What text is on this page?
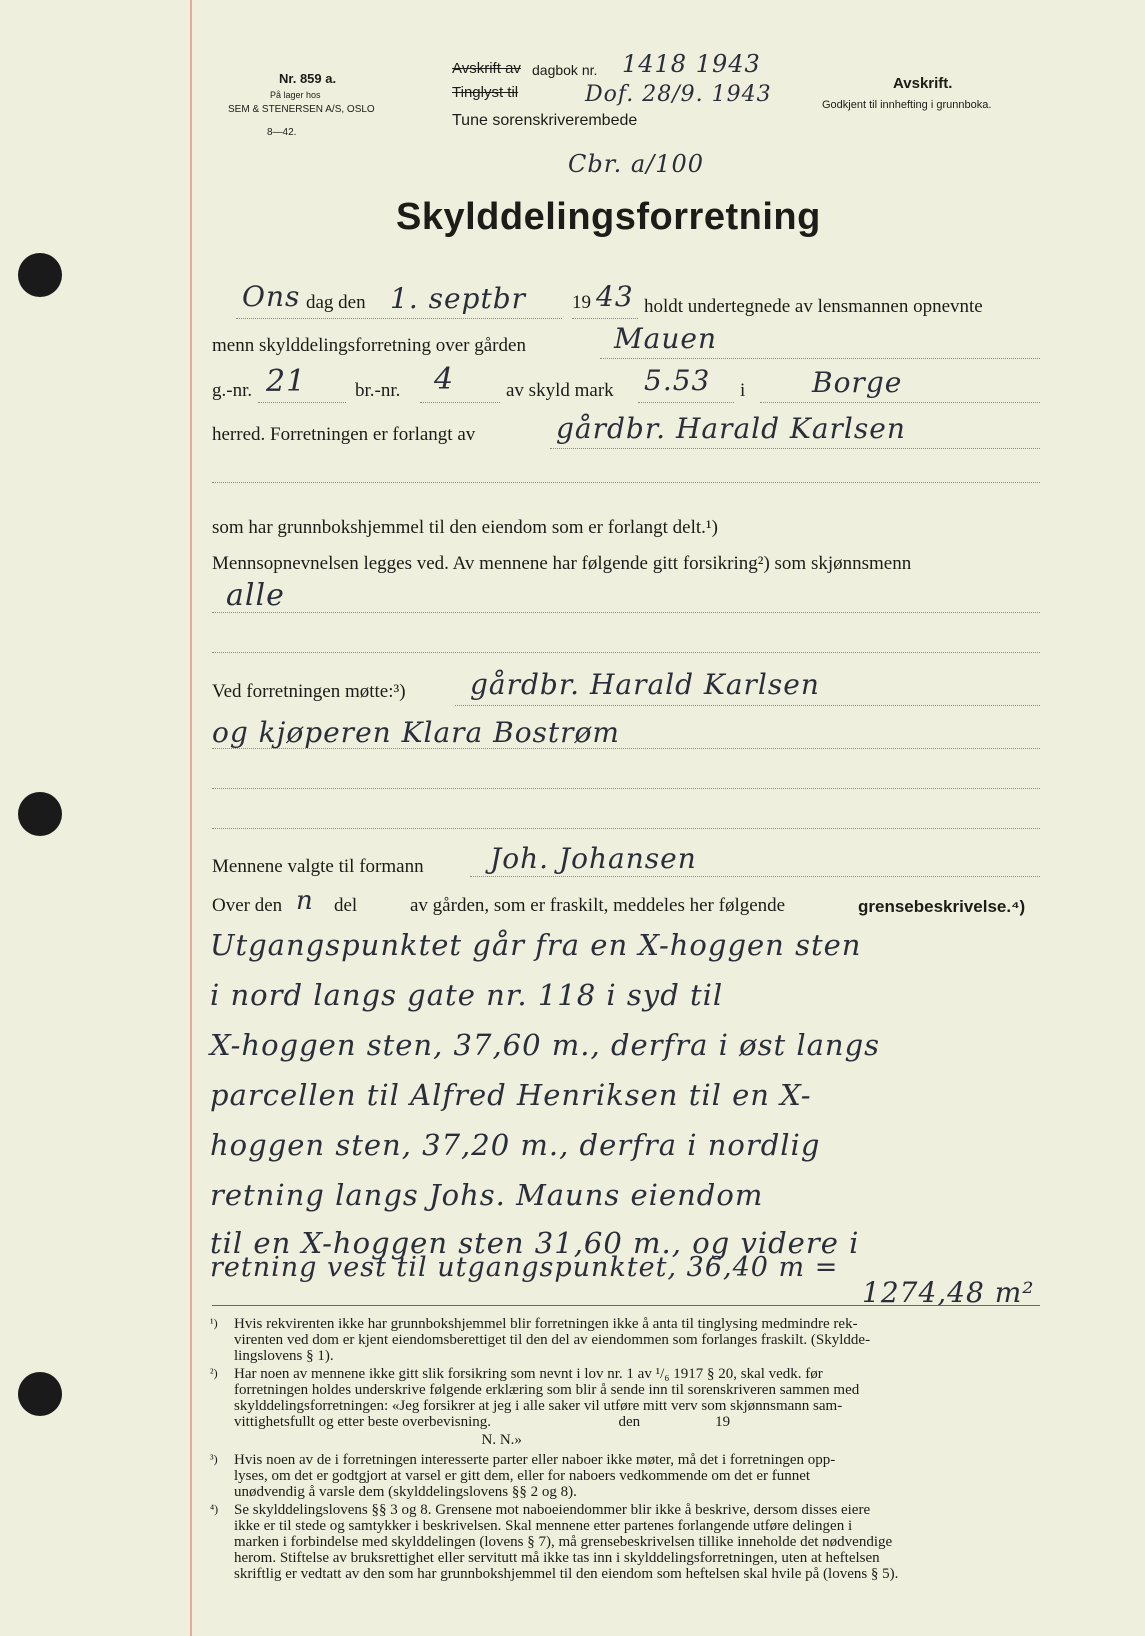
Nr. 859 a.
På lager hos
SEM & STENERSEN A/S, OSLO
8—42.
Avskrift av dagbok nr.
Tinglyst til
Tune sorenskriverembede
1418 1943
Dof. 28/9. 1943
Cbr. a/100
Avskrift.
Godkjent til innhefting i grunnboka.
Skylddelingsforretning
Ons dag den 1. septbr 19 43 holdt undertegnede av lensmannen opnevnte
menn skylddelingsforretning over gården	Mauen
g.-nr. 21	br.-nr. 4	av skyld mark 5.53 i Borge
herred. Forretningen er forlangt av	gårdbr. Harald Karlsen
som har grunnbokshjemmel til den eiendom som er forlangt delt.¹)
Mennsopnevnelsen legges ved. Av mennene har følgende gitt forsikring²) som skjønnsmenn
alle
Ved forretningen møtte:³) gårdbr. Harald Karlsen
og kjøperen Klara Bostrøm
Mennene valgte til formann Joh. Johansen
Over den n del	av gården, som er fraskilt, meddeles her følgende	grensebeskrivelse.⁴)
Utgangspunktet går fra en X-hoggen sten
i nord langs gate nr. 118 i syd til
X-hoggen sten, 37,60 m., derfra i øst langs
parcellen til Alfred Henriksen til en X-
hoggen sten, 37,20 m., derfra i nordlig
retning langs Johs. Mauns eiendom
til en X-hoggen sten 31,60 m., og videre i
retning vest til utgangspunktet, 36,40 m =
1274,48 m²
¹) Hvis rekvirenten ikke har grunnbokshjemmel blir forretningen ikke å anta til tinglysing medmindre rek-
virenten ved dom er kjent eiendomsberettiget til den del av eiendommen som forlanges fraskilt. (Skyldde-
lingslovens § 1).
²) Har noen av mennene ikke gitt slik forsikring som nevnt i lov nr. 1 av ¹/₆ 1917 § 20, skal vedk. før
forretningen holdes underskrive følgende erklæring som blir å sende inn til sorenskriveren sammen med
skylddelingsforretningen: «Jeg forsikrer at jeg i alle saker vil utføre mitt verv som skjønnsmann sam-
vittighetsfullt og etter beste overbevisning.                                  den                    19
N. N.»
³) Hvis noen av de i forretningen interesserte parter eller naboer ikke møter, må det i forretningen opp-
lyses, om det er godtgjort at varsel er gitt dem, eller for naboers vedkommende om det er funnet
unødvendig å varsle dem (skylddelingslovens §§ 2 og 8).
⁴) Se skylddelingslovens §§ 3 og 8. Grensene mot naboeiendommer blir ikke å beskrive, dersom disses eiere
ikke er til stede og samtykker i beskrivelsen. Skal mennene etter partenes forlangende utføre delingen i
marken i forbindelse med skylddelingen (lovens § 7), må grensebeskrivelsen tillike inneholde det nødvendige
herom. Stiftelse av bruksrettighet eller servitutt må ikke tas inn i skylddelingsforretningen, uten at heftelsen
skriftlig er vedtatt av den som har grunnbokshjemmel til den eiendom som heftelsen skal hvile på (lovens § 5).
